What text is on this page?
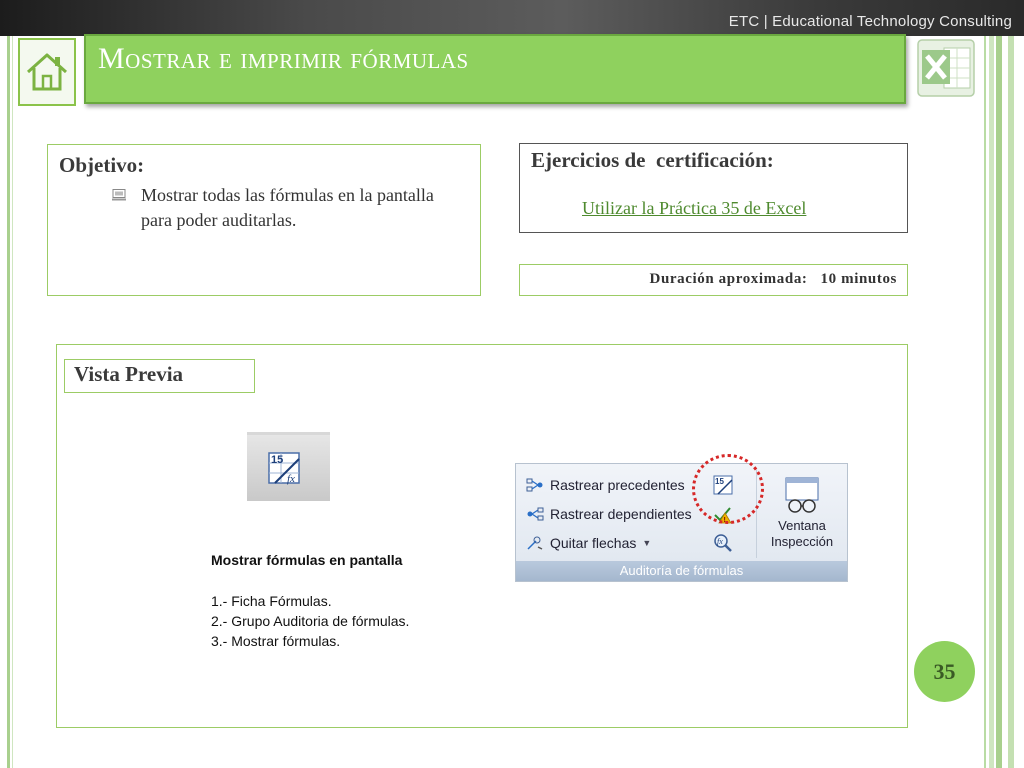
ETC | Educational Technology Consulting
Mostrar e imprimir fórmulas
Objetivo:
Mostrar todas las fórmulas en la pantalla para poder auditarlas.
Ejercicios de  certificación:
Utilizar la Práctica 35 de Excel
Duración aproximada:   10 minutos
Vista Previa
15
fx	Rastrear precedentes
Rastrear dependientes
Quitar flechas ▼
15
!
fx
Ventana
Inspección
Auditoría de fórmulas
Mostrar fórmulas en pantalla
1.- Ficha Fórmulas.
2.- Grupo Auditoria de fórmulas.
3.- Mostrar fórmulas.
35
